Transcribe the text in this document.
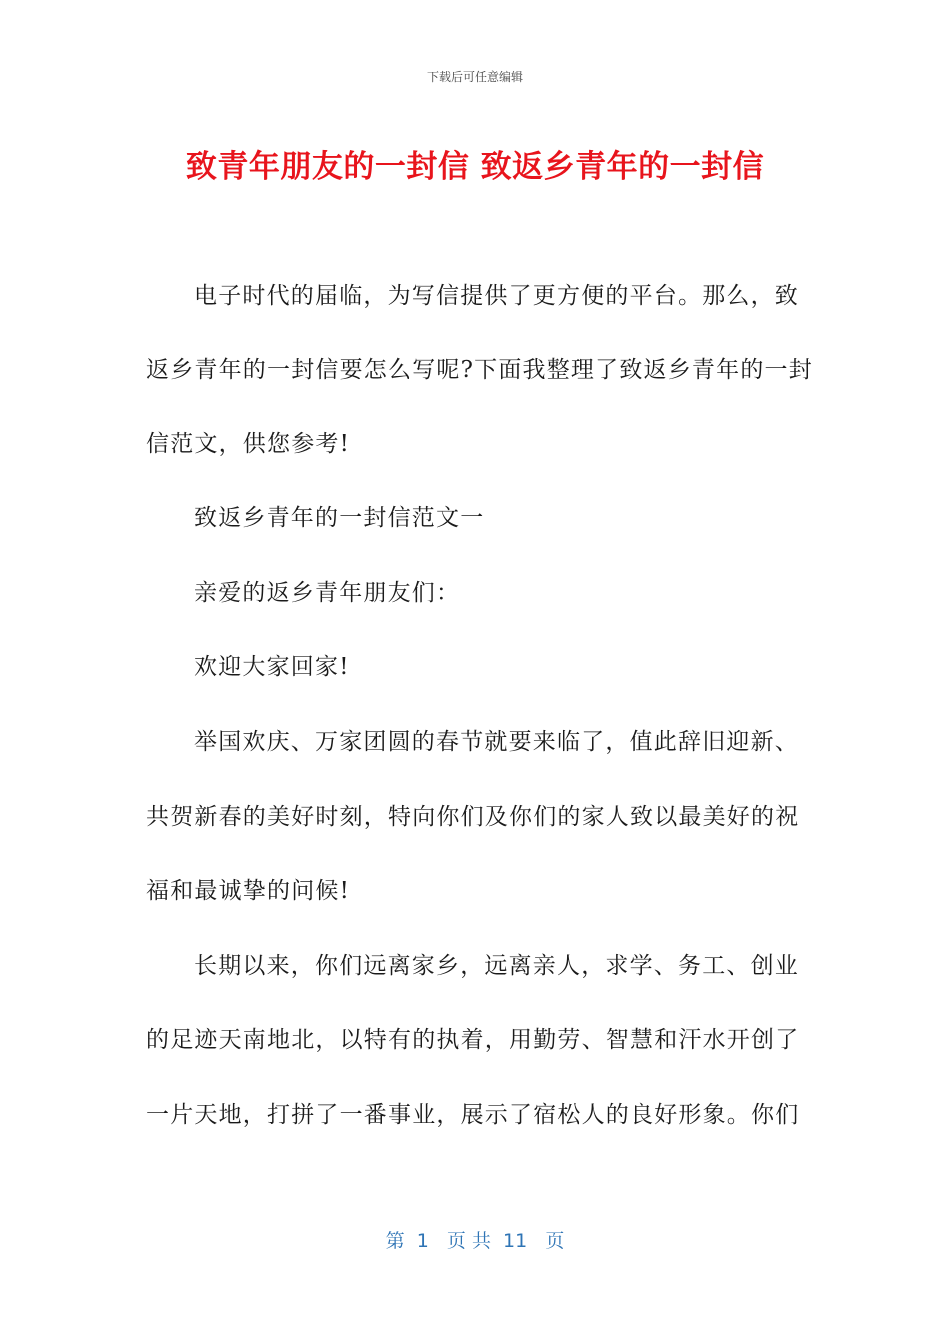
下载后可任意编辑
致青年朋友的一封信 致返乡青年的一封信
电子时代的届临，为写信提供了更方便的平台。那么，致
返乡青年的一封信要怎么写呢?下面我整理了致返乡青年的一封
信范文，供您参考!
致返乡青年的一封信范文一
亲爱的返乡青年朋友们：
欢迎大家回家!
举国欢庆、万家团圆的春节就要来临了，值此辞旧迎新、
共贺新春的美好时刻，特向你们及你们的家人致以最美好的祝
福和最诚挚的问候!
长期以来，你们远离家乡，远离亲人，求学、务工、创业
的足迹天南地北，以特有的执着，用勤劳、智慧和汗水开创了
一片天地，打拼了一番事业，展示了宿松人的良好形象。你们
第  1   页 共  11   页
